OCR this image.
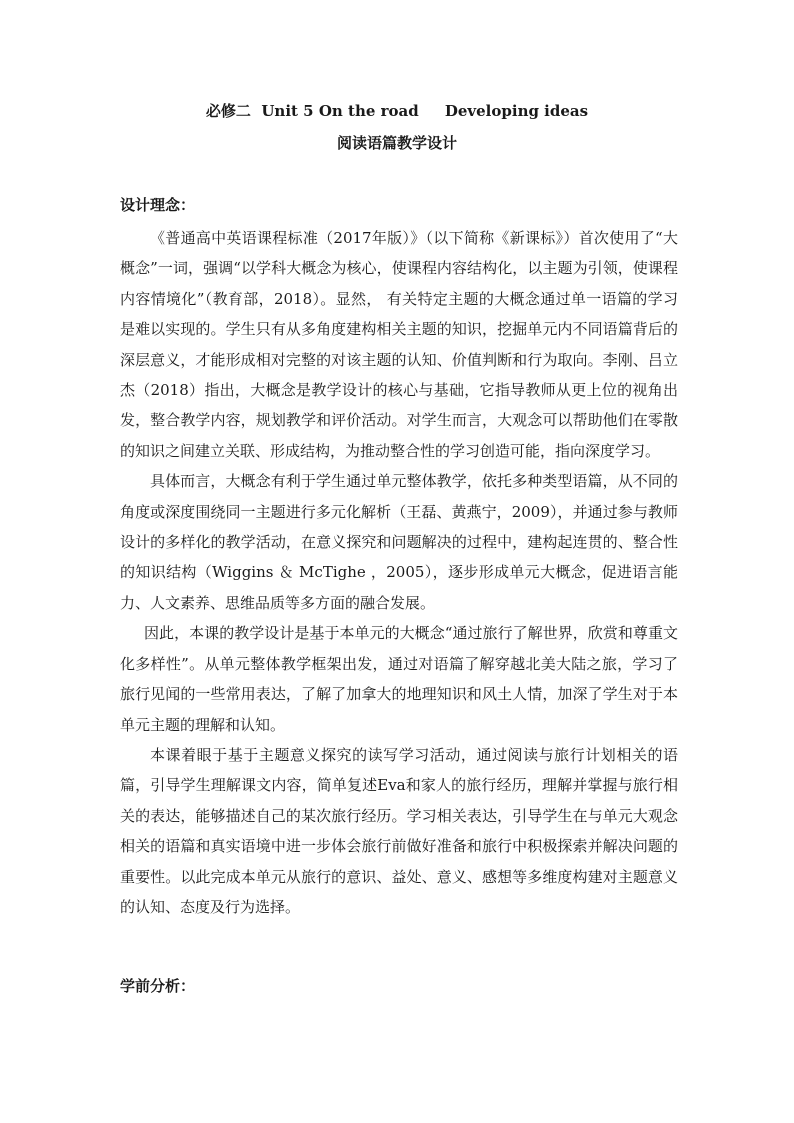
必修二  Unit 5 On the road     Developing ideas
阅读语篇教学设计
设计理念：

《普通高中英语课程标准（2017年版）》（以下简称《新课标》）首次使用了“大概念”一词，强调“以学科大概念为核心，使课程内容结构化，以主题为引领，使课程内容情境化”（教育部，2018）。显然， 有关特定主题的大概念通过单一语篇的学习是难以实现的。学生只有从多角度建构相关主题的知识，挖掘单元内不同语篇背后的深层意义，才能形成相对完整的对该主题的认知、价值判断和行为取向。李刚、吕立杰（2018）指出，大概念是教学设计的核心与基础，它指导教师从更上位的视角出发，整合教学内容，规划教学和评价活动。对学生而言，大观念可以帮助他们在零散的知识之间建立关联、形成结构，为推动整合性的学习创造可能，指向深度学习。

具体而言，大概念有利于学生通过单元整体教学，依托多种类型语篇，从不同的角度或深度围绕同一主题进行多元化解析（王磊、黄燕宁，2009），并通过参与教师设计的多样化的教学活动，在意义探究和问题解决的过程中，建构起连贯的、整合性的知识结构（Wiggins ＆ McTighe ，2005），逐步形成单元大概念，促进语言能力、人文素养、思维品质等多方面的融合发展。

因此，本课的教学设计是基于本单元的大概念“通过旅行了解世界，欣赏和尊重文化多样性”。从单元整体教学框架出发，通过对语篇了解穿越北美大陆之旅，学习了旅行见闻的一些常用表达，了解了加拿大的地理知识和风土人情，加深了学生对于本单元主题的理解和认知。

本课着眼于基于主题意义探究的读写学习活动，通过阅读与旅行计划相关的语篇，引导学生理解课文内容，简单复述Eva和家人的旅行经历，理解并掌握与旅行相关的表达，能够描述自己的某次旅行经历。学习相关表达，引导学生在与单元大观念相关的语篇和真实语境中进一步体会旅行前做好准备和旅行中积极探索并解决问题的重要性。以此完成本单元从旅行的意识、益处、意义、感想等多维度构建对主题意义的认知、态度及行为选择。

学前分析：
